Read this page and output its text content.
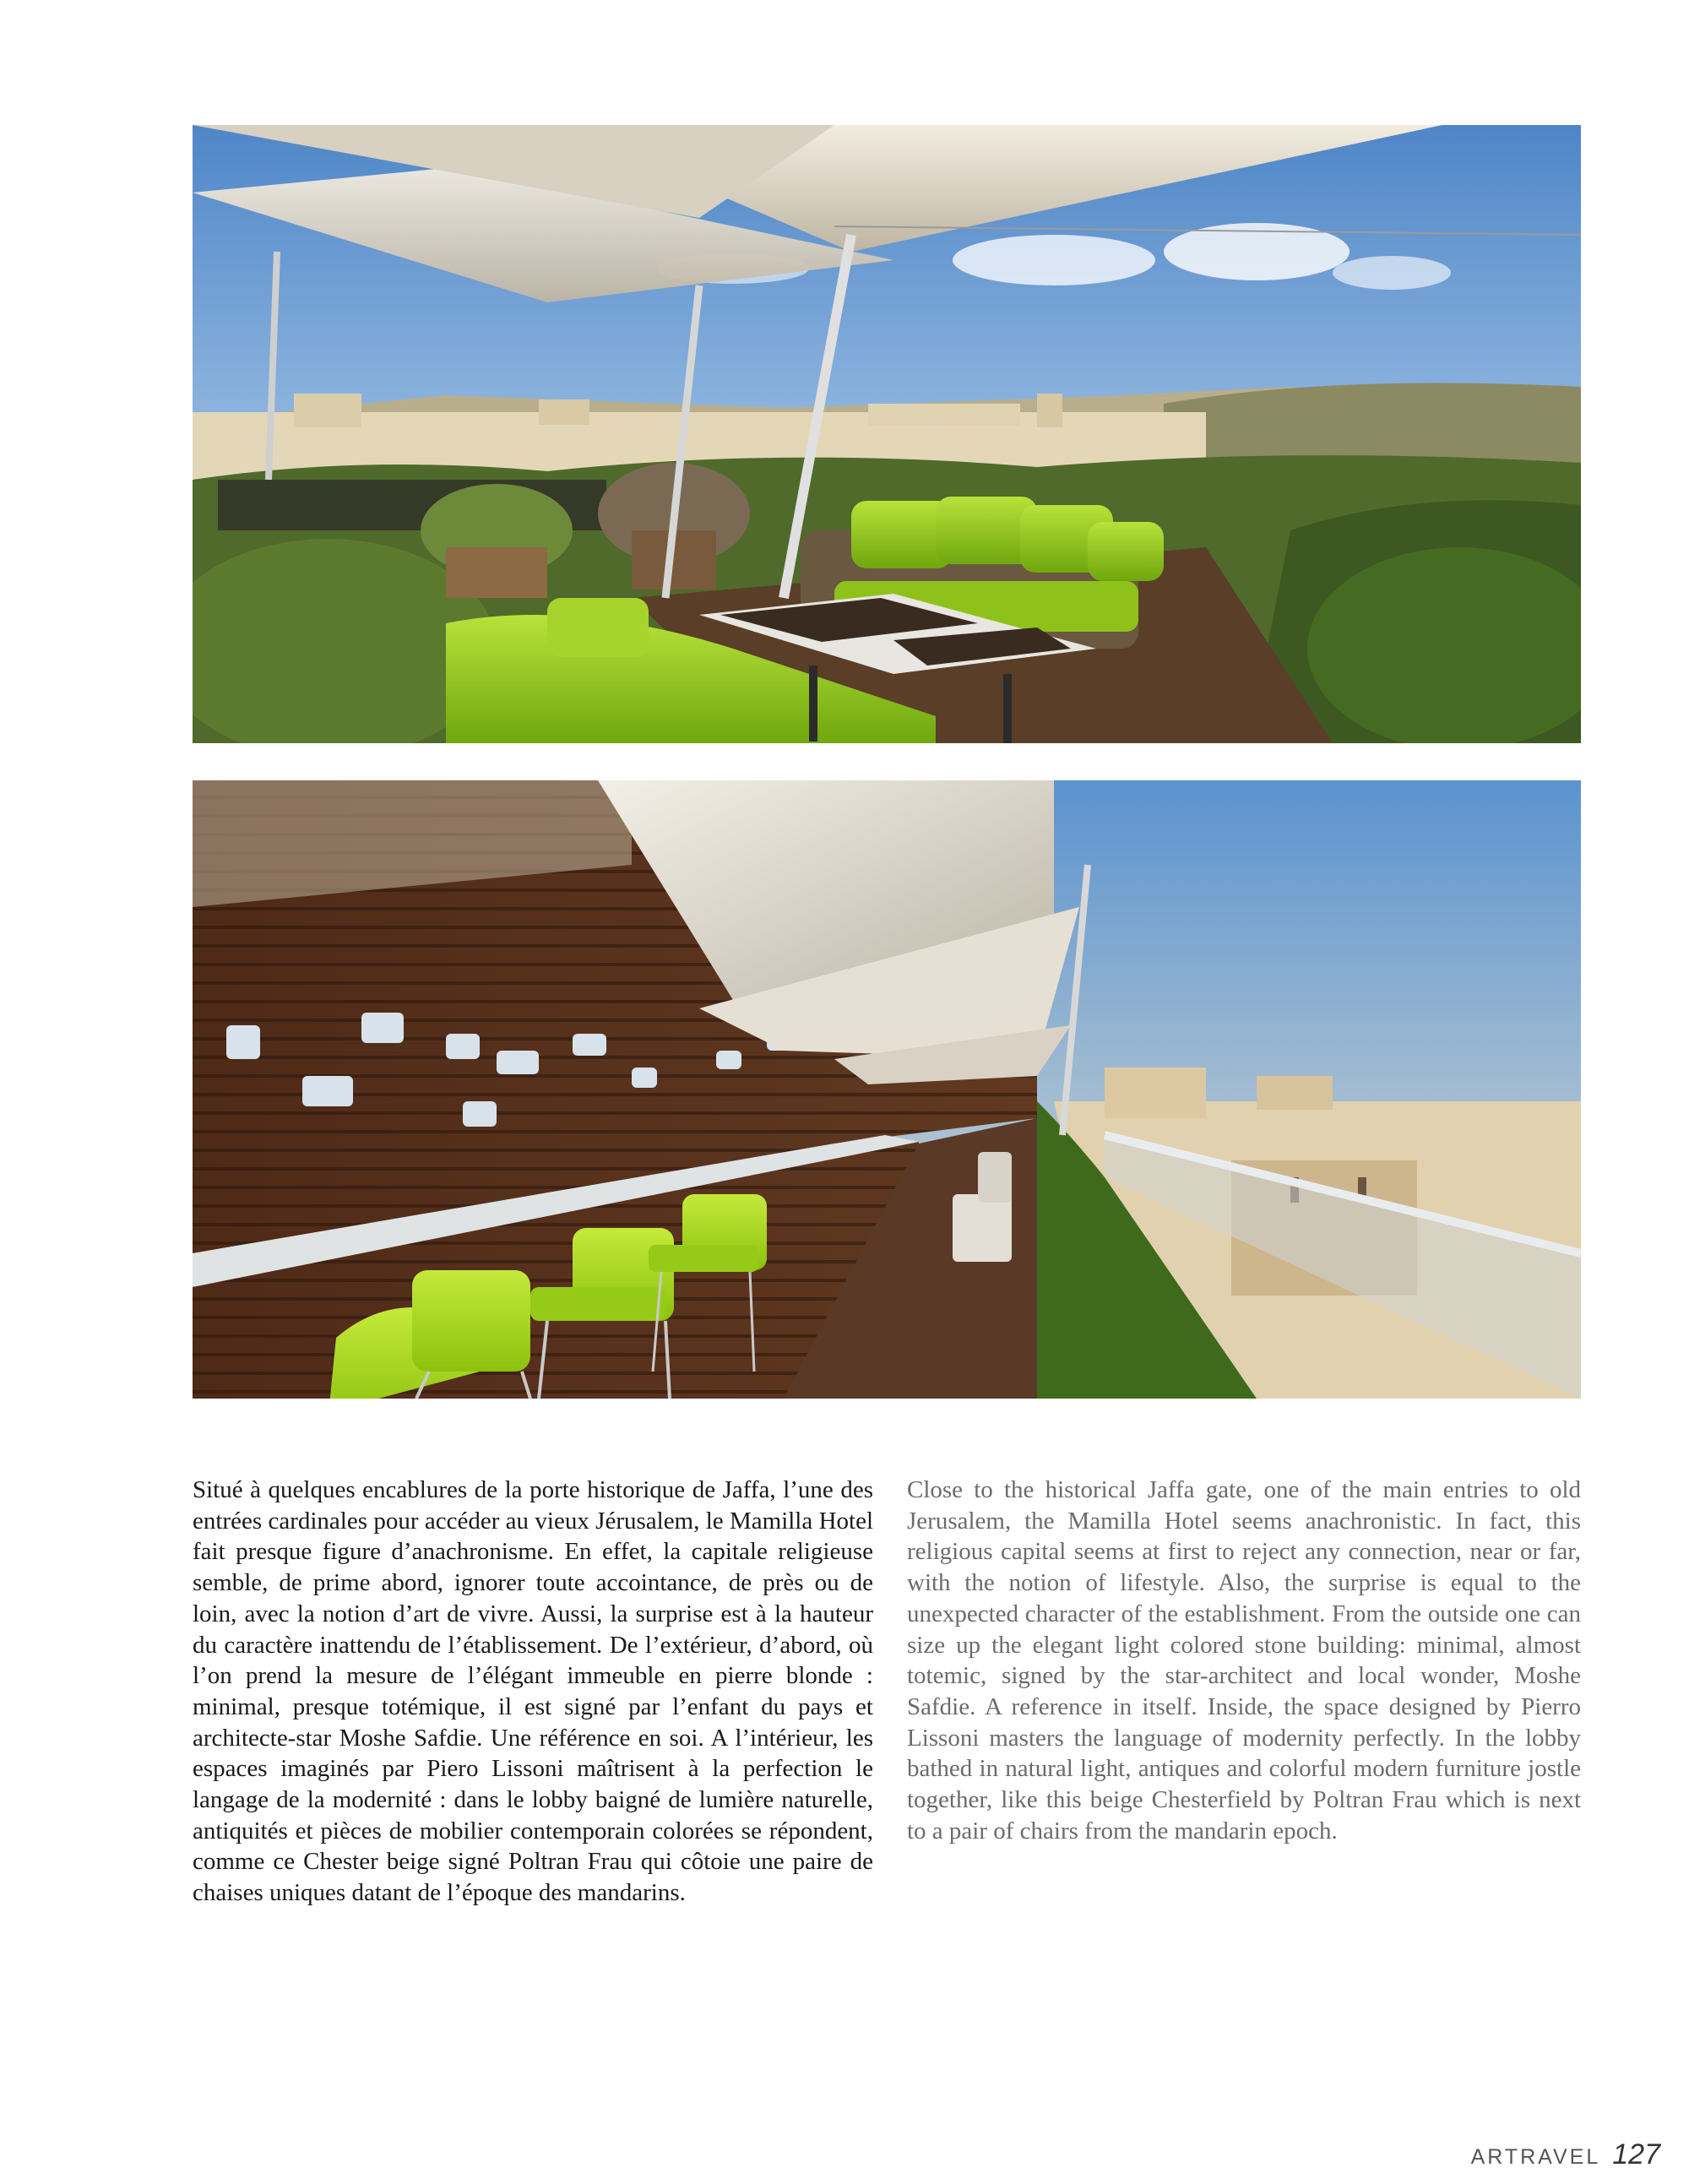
Situé à quelques encablures de la porte historique de Jaffa, l’une des entrées cardinales pour accéder au vieux Jérusalem, le Mamilla Hotel fait presque figure d’anachronisme. En effet, la capitale religieuse semble, de prime abord, ignorer toute accointance, de près ou de loin, avec la notion d’art de vivre. Aussi, la surprise est à la hauteur du caractère inattendu de l’établissement. De l’extérieur, d’abord, où l’on prend la mesure de l’élégant immeuble en pierre blonde : minimal, presque totémique, il est signé par l’enfant du pays et architecte-star Moshe Safdie. Une référence en soi. A l’intérieur, les espaces imaginés par Piero Lissoni maîtrisent à la perfection le langage de la modernité : dans le lobby baigné de lumière naturelle, antiquités et pièces de mobilier contemporain colorées se répondent, comme ce Chester beige signé Poltran Frau qui côtoie une paire de chaises uniques datant de l’époque des mandarins.

Close to the historical Jaffa gate, one of the main entries to old Jerusalem, the Mamilla Hotel seems anachronistic. In fact, this religious capital seems at first to reject any connection, near or far, with the notion of lifestyle. Also, the surprise is equal to the unexpected character of the establishment. From the outside one can size up the elegant light colored stone building: minimal, almost totemic, signed by the star-architect and local wonder, Moshe Safdie. A reference in itself. Inside, the space designed by Pierro Lissoni masters the language of modernity perfectly. In the lobby bathed in natural light, antiques and colorful modern furniture jostle together, like this beige Chesterfield by Poltran Frau which is next to a pair of chairs from the mandarin epoch.

ARTRAVEL 127
